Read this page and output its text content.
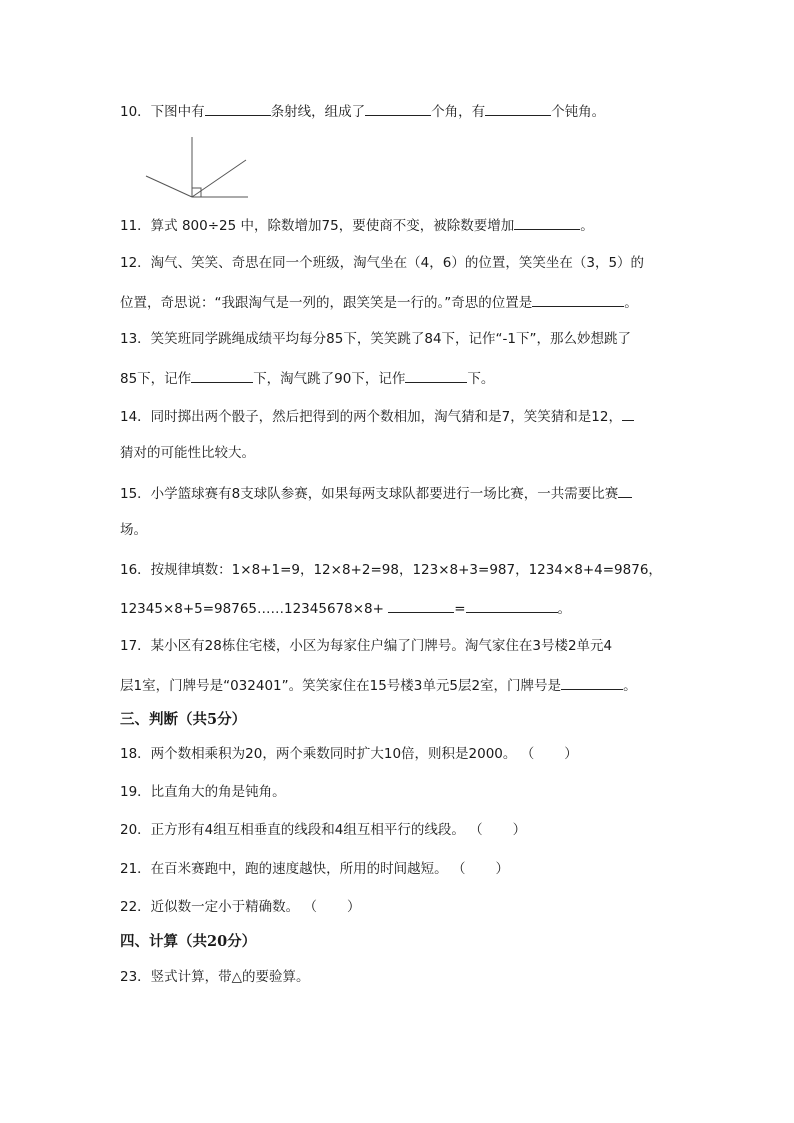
10．下图中有	条射线，组成了	个角，有	个钝角。
11．算式 800÷25 中，除数增加75，要使商不变，被除数要增加	。
12．淘气、笑笑、奇思在同一个班级，淘气坐在（4，6）的位置，笑笑坐在（3，5）的
位置，奇思说：“我跟淘气是一列的，跟笑笑是一行的。”奇思的位置是	。
13．笑笑班同学跳绳成绩平均每分85下，笑笑跳了84下，记作“-1下”，那么妙想跳了
85下，记作	下，淘气跳了90下，记作	下。
14．同时掷出两个骰子，然后把得到的两个数相加，淘气猜和是7，笑笑猜和是12，
猜对的可能性比较大。
15．小学篮球赛有8支球队参赛，如果每两支球队都要进行一场比赛，一共需要比赛
场。
16．按规律填数：1×8+1=9，12×8+2=98，123×8+3=987，1234×8+4=9876，
12345×8+5=98765……12345678×8+	=	。
17．某小区有28栋住宅楼，小区为每家住户编了门牌号。淘气家住在3号楼2单元4
层1室，门牌号是“032401”。笑笑家住在15号楼3单元5层2室，门牌号是	。
三、判断（共5分）
18．两个数相乘积为20，两个乘数同时扩大10倍，则积是2000。 （ ）
19．比直角大的角是钝角。
20．正方形有4组互相垂直的线段和4组互相平行的线段。 （ ）
21．在百米赛跑中，跑的速度越快，所用的时间越短。 （ ）
22．近似数一定小于精确数。 （ ）
四、计算（共20分）
23．竖式计算，带△的要验算。
